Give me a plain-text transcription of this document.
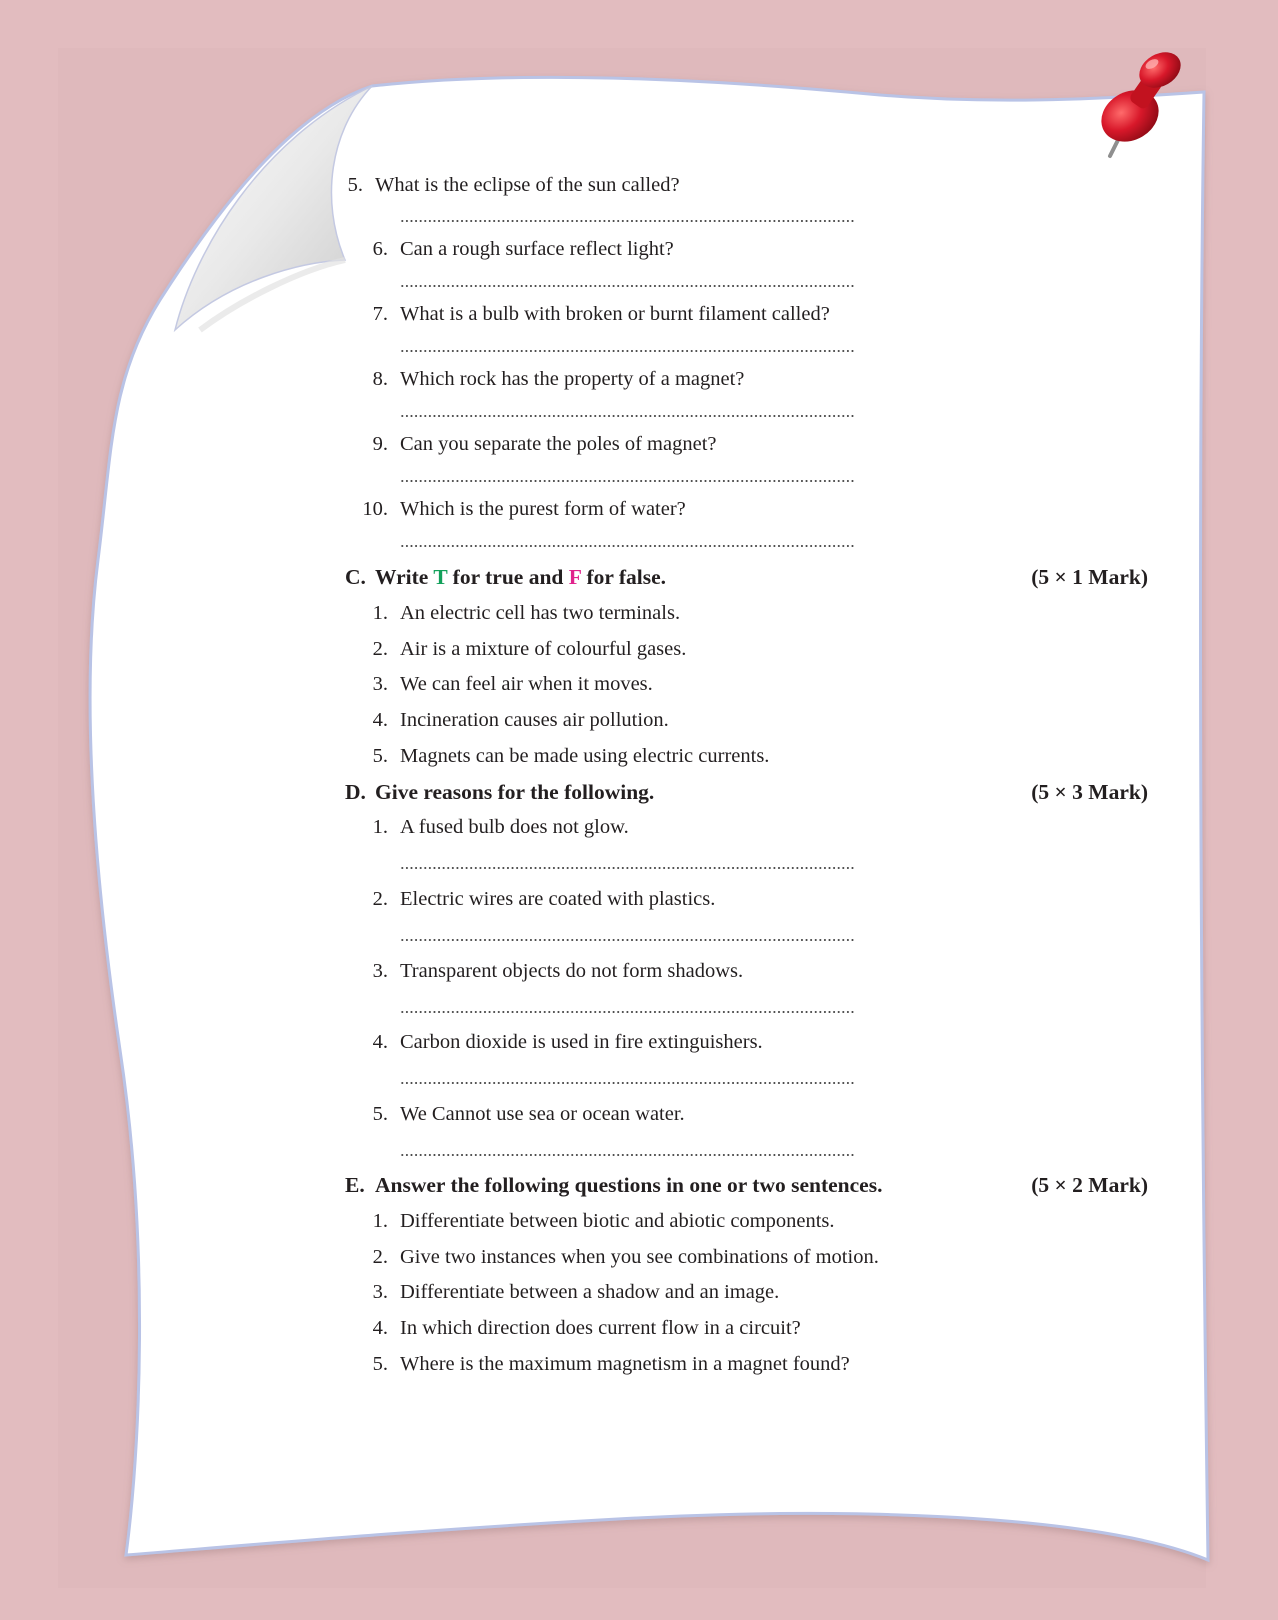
5. What is the eclipse of the sun called?
6. Can a rough surface reflect light?
7. What is a bulb with broken or burnt filament called?
8. Which rock has the property of a magnet?
9. Can you separate the poles of magnet?
10. Which is the purest form of water?
C. Write T for true and F for false.	(5 × 1 Mark)
1. An electric cell has two terminals.
2. Air is a mixture of colourful gases.
3. We can feel air when it moves.
4. Incineration causes air pollution.
5. Magnets can be made using electric currents.
D. Give reasons for the following.	(5 × 3 Mark)
1. A fused bulb does not glow.
2. Electric wires are coated with plastics.
3. Transparent objects do not form shadows.
4. Carbon dioxide is used in fire extinguishers.
5. We Cannot use sea or ocean water.
E. Answer the following questions in one or two sentences.	(5 × 2 Mark)
1. Differentiate between biotic and abiotic components.
2. Give two instances when you see combinations of motion.
3. Differentiate between a shadow and an image.
4. In which direction does current flow in a circuit?
5. Where is the maximum magnetism in a magnet found?
